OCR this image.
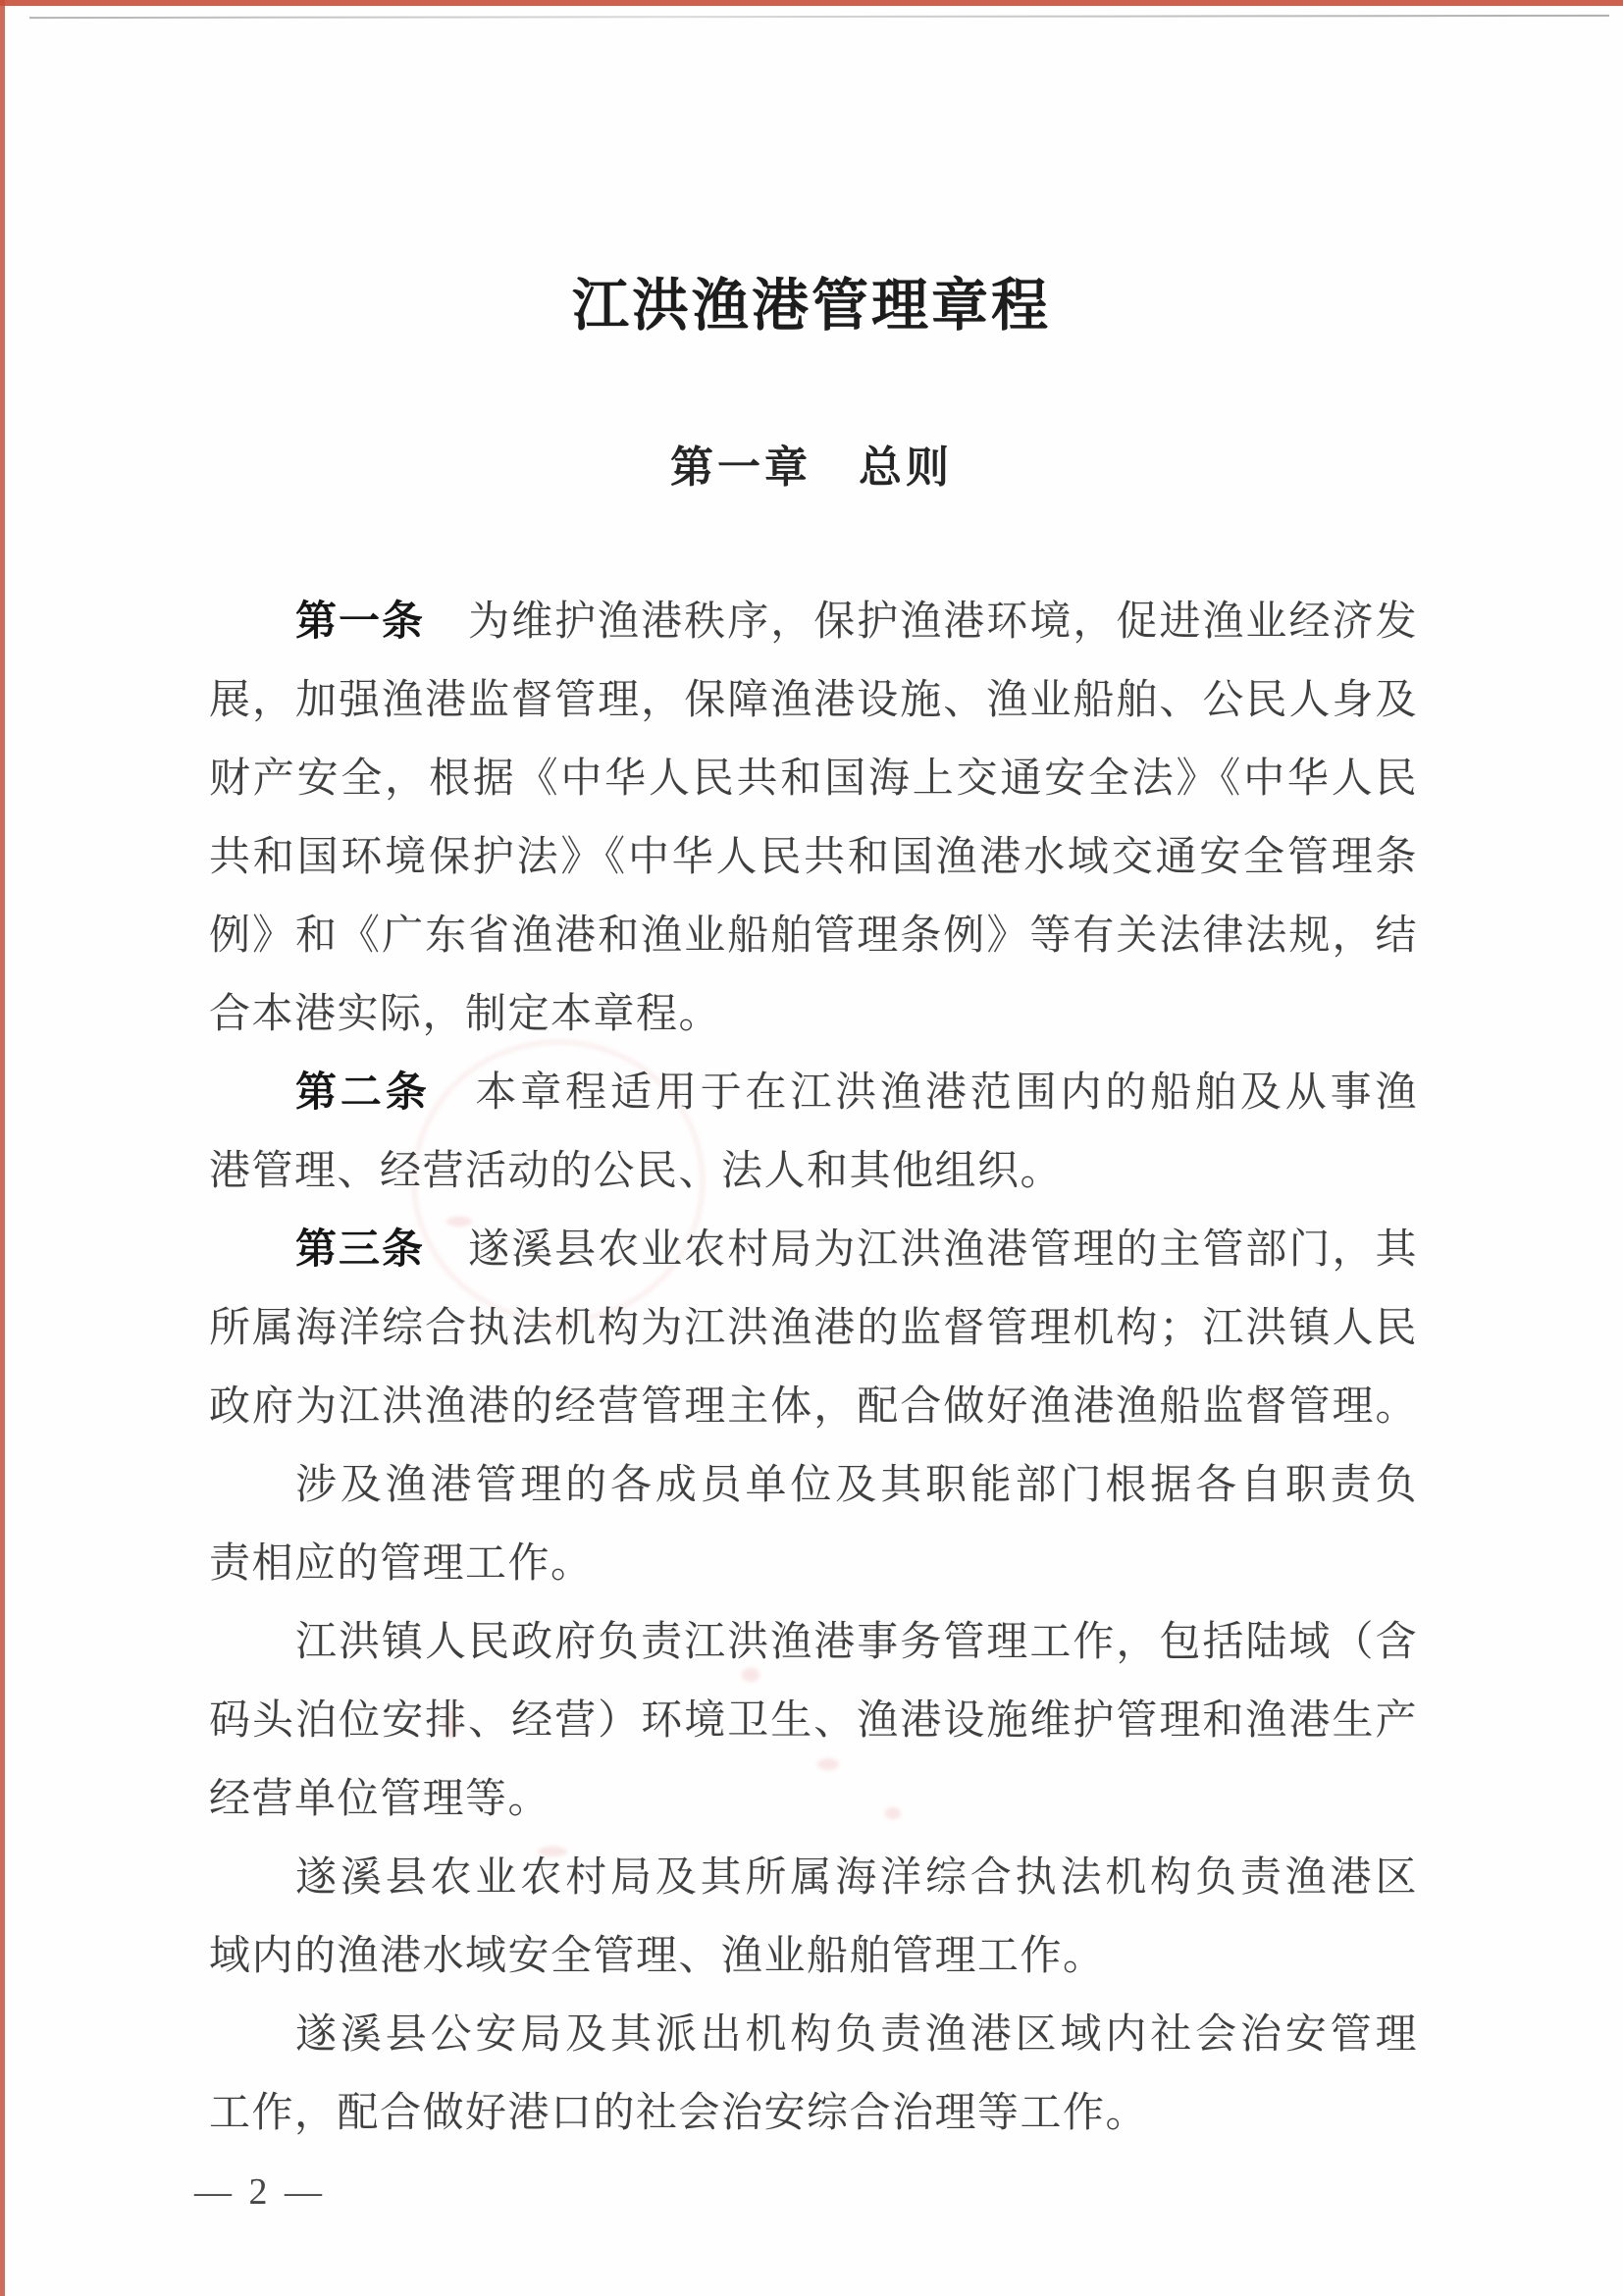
江洪渔港管理章程
第一章　总则
第一条　为维护渔港秩序，保护渔港环境，促进渔业经济发
展，加强渔港监督管理，保障渔港设施、渔业船舶、公民人身及
财产安全，根据《中华人民共和国海上交通安全法》《中华人民
共和国环境保护法》《中华人民共和国渔港水域交通安全管理条
例》和《广东省渔港和渔业船舶管理条例》等有关法律法规，结
合本港实际，制定本章程。
第二条　本章程适用于在江洪渔港范围内的船舶及从事渔
港管理、经营活动的公民、法人和其他组织。
第三条　遂溪县农业农村局为江洪渔港管理的主管部门，其
所属海洋综合执法机构为江洪渔港的监督管理机构；江洪镇人民
政府为江洪渔港的经营管理主体，配合做好渔港渔船监督管理。
涉及渔港管理的各成员单位及其职能部门根据各自职责负
责相应的管理工作。
江洪镇人民政府负责江洪渔港事务管理工作，包括陆域（含
码头泊位安排、经营）环境卫生、渔港设施维护管理和渔港生产
经营单位管理等。
遂溪县农业农村局及其所属海洋综合执法机构负责渔港区
域内的渔港水域安全管理、渔业船舶管理工作。
遂溪县公安局及其派出机构负责渔港区域内社会治安管理
工作，配合做好港口的社会治安综合治理等工作。
— 2 —
